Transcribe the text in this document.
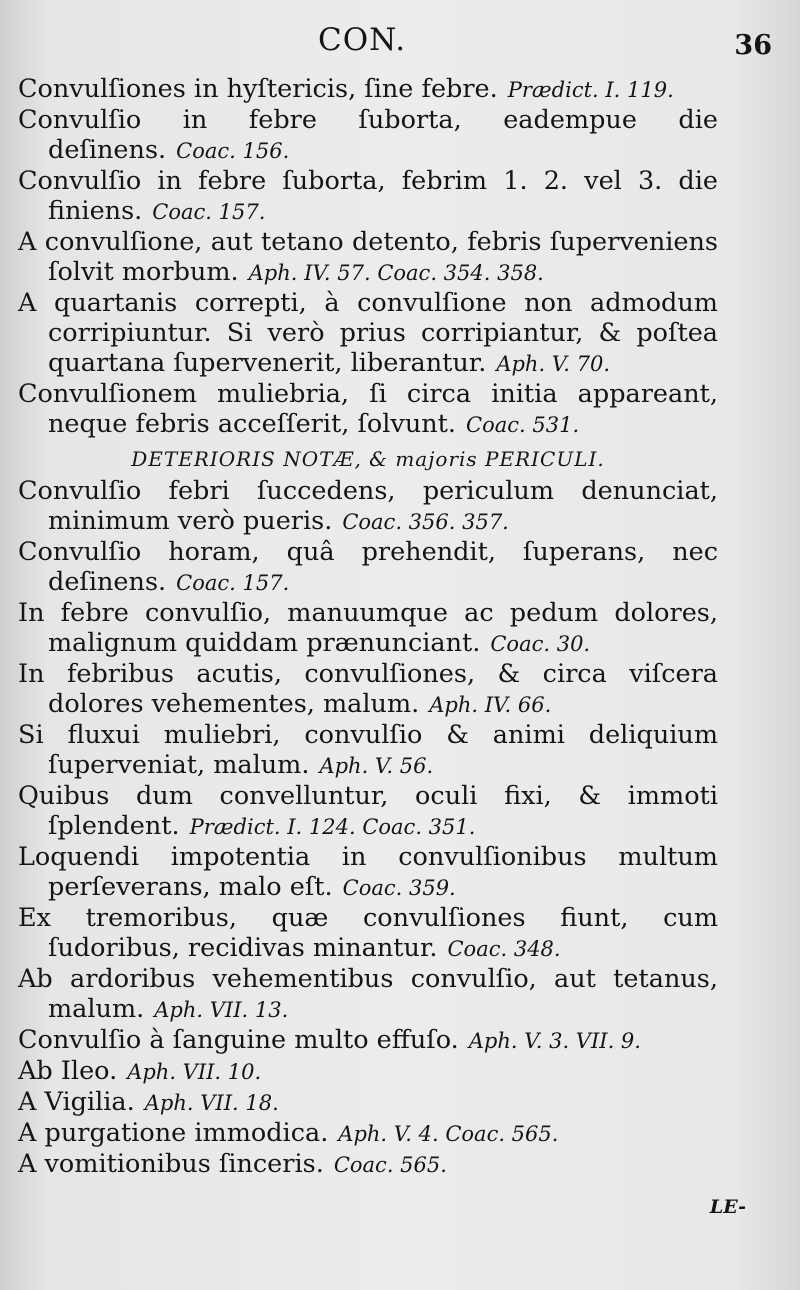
CON.	36
Convulſiones in hyſtericis, ſine febre. Prædict. I. 119.
Convulſio in febre ſuborta, eadempue die deſinens. Coac. 156.
Convulſio in febre ſuborta, febrim 1. 2. vel 3. die finiens. Coac. 157.
A convulſione, aut tetano detento, febris ſuperveniens ſolvit morbum. Aph. IV. 57. Coac. 354. 358.
A quartanis correpti, à convulſione non admodum corripiuntur. Si verò prius corripiantur, & poſtea quartana ſupervenerit, liberantur. Aph. V. 70.
Convulſionem muliebria, ſi circa initia appareant, neque febris acceſſerit, ſolvunt. Coac. 531.
DETERIORIS NOTÆ, & majoris PERICULI.
Convulſio febri ſuccedens, periculum denunciat, minimum verò pueris. Coac. 356. 357.
Convulſio horam, quâ prehendit, ſuperans, nec deſinens. Coac. 157.
In febre convulſio, manuumque ac pedum dolores, malignum quiddam prænunciant. Coac. 30.
In febribus acutis, convulſiones, & circa viſcera dolores vehementes, malum. Aph. IV. 66.
Si fluxui muliebri, convulſio & animi deliquium ſuperveniat, malum. Aph. V. 56.
Quibus dum convelluntur, oculi fixi, & immoti ſplendent. Prædict. I. 124. Coac. 351.
Loquendi impotentia in convulſionibus multum perſeverans, malo eſt. Coac. 359.
Ex tremoribus, quæ convulſiones fiunt, cum ſudoribus, recidivas minantur. Coac. 348.
Ab ardoribus vehementibus convulſio, aut tetanus, malum. Aph. VII. 13.
Convulſio à ſanguine multo effuſo. Aph. V. 3. VII. 9.
Ab Ileo. Aph. VII. 10.
A Vigilia. Aph. VII. 18.
A purgatione immodica. Aph. V. 4. Coac. 565.
A vomitionibus ſinceris. Coac. 565.
LE-
